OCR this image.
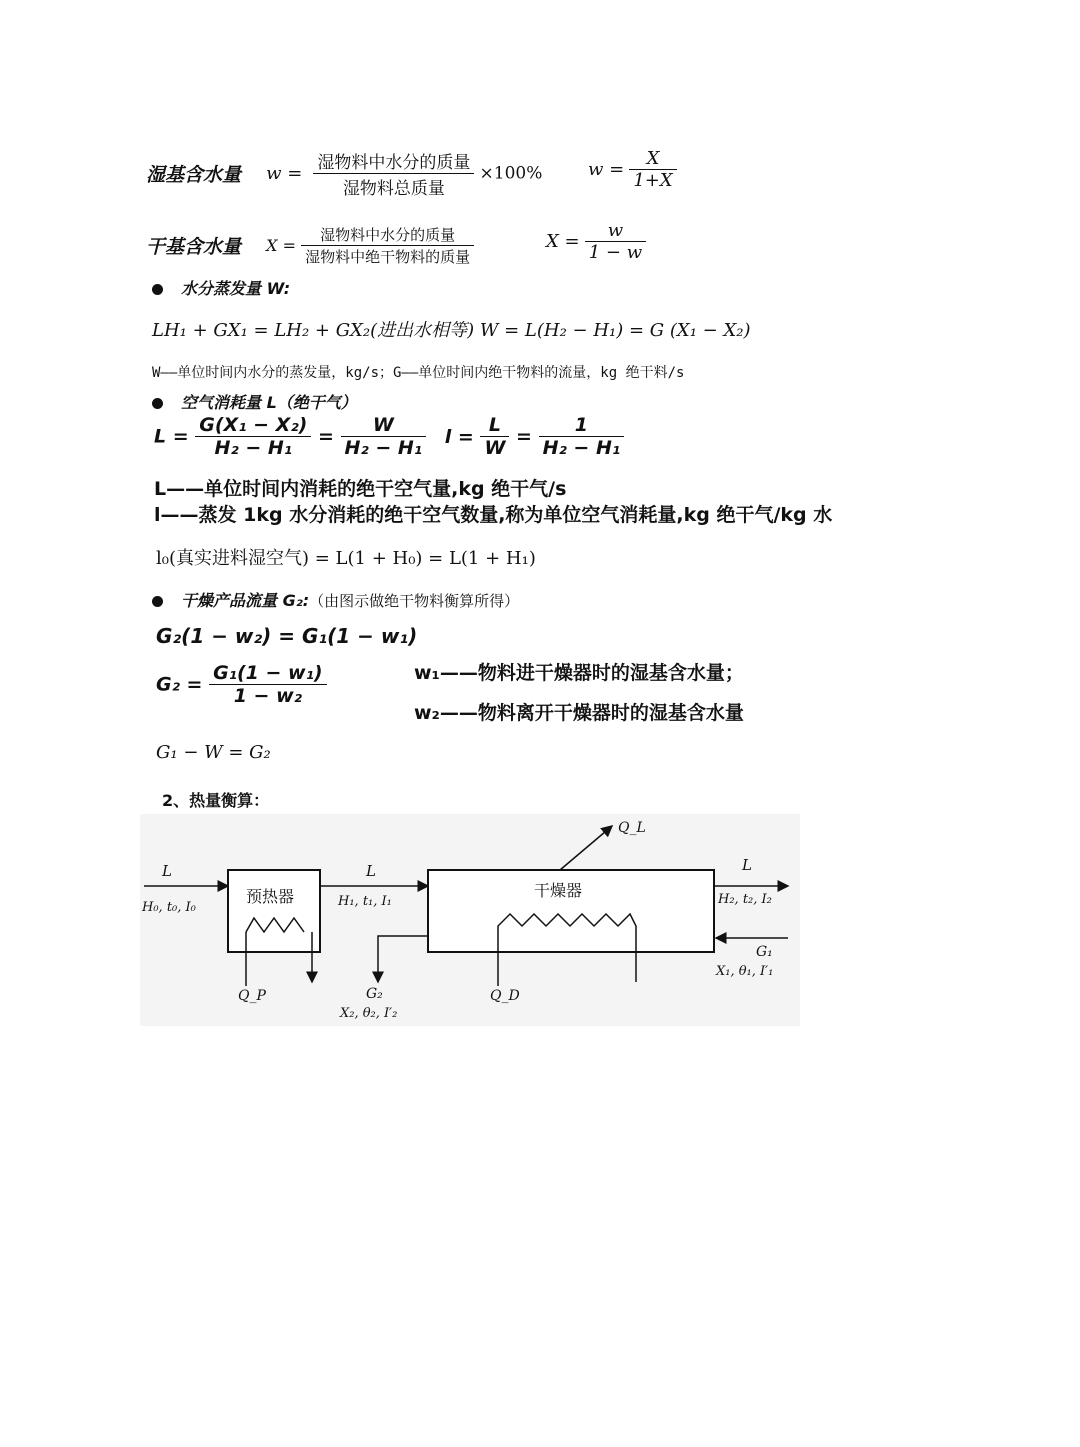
湿基含水量 $w = \frac{\text{湿物料中水分的质量}}{\text{湿物料总质量}} \times 100\%$	$w = \frac{X}{1+X}$
干基含水量 $X = \frac{\text{湿物料中水分的质量}}{\text{湿物料中绝干物料的质量}}$	$X = \frac{w}{1 - w}$
水分蒸发量 W:
LH₁ + GX₁ = LH₂ + GX₂(进出水相等) W = L(H₂ − H₁) = G (X₁ − X₂)
W——单位时间内水分的蒸发量，kg/s；G——单位时间内绝干物料的流量，kg 绝干料/s
空气消耗量 L（绝干气）
$L = \frac{\text{G(X₁ − X₂)}}{\text{H₂ − H₁}} = \frac{W}{\text{H₂ − H₁}}$ $l = \frac{L}{W} = \frac{1}{\text{H₂ − H₁}}$
L——单位时间内消耗的绝干空气量,kg 绝干气/s
l——蒸发 1kg 水分消耗的绝干空气数量,称为单位空气消耗量,kg 绝干气/kg 水
l₀(真实进料湿空气) = L(1 + H₀) = L(1 + H₁)
干燥产品流量 G₂:（由图示做绝干物料衡算所得）
G₂(1 − w₂) = G₁(1 − w₁)
$G_2 = \frac{\text{G₁(1 − w₁)}}{\text{1 − w₂}}$	w₁——物料进干燥器时的湿基含水量；
w₂——物料离开干燥器时的湿基含水量
G₁ − W = G₂
2、热量衡算：
L
H₀, t₀, I₀
预热器
L
H₁, t₁, I₁
干燥器
L
H₂, t₂, I₂
Q_L
Q_P	Q_D
G₂
X₂, θ₂, I′₂
G₁
X₁, θ₁, I′₁
